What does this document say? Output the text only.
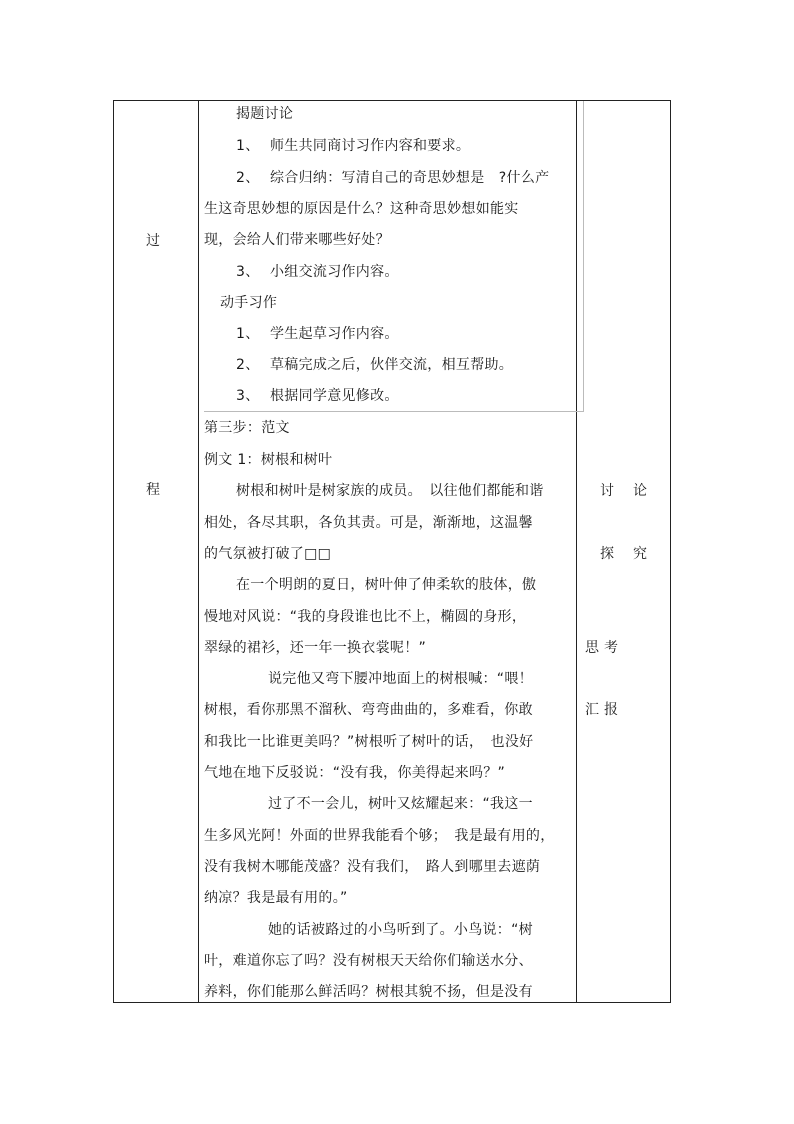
过
程
揭题讨论
1、 师生共同商讨习作内容和要求。
2、 综合归纳：写清自己的奇思妙想是　?什么产
生这奇思妙想的原因是什么？这种奇思妙想如能实
现，会给人们带来哪些好处？
3、 小组交流习作内容。
动手习作
1、 学生起草习作内容。
2、 草稿完成之后，伙伴交流，相互帮助。
3、 根据同学意见修改。
第三步：范文
例文 1：树根和树叶
树根和树叶是树家族的成员。　以往他们都能和谐
相处，各尽其职，各负其责。可是，渐渐地，这温馨
的气氛被打破了□□
在一个明朗的夏日，树叶伸了伸柔软的肢体，傲
慢地对风说：“我的身段谁也比不上，椭圆的身形，
翠绿的裙衫，还一年一换衣裳呢！”
说完他又弯下腰冲地面上的树根喊：“喂！
树根，看你那黑不溜秋、弯弯曲曲的，多难看，你敢
和我比一比谁更美吗？”树根听了树叶的话，　也没好
气地在地下反驳说：“没有我，你美得起来吗？”
过了不一会儿，树叶又炫耀起来：“我这一
生多风光阿！外面的世界我能看个够；　我是最有用的，
没有我树木哪能茂盛？没有我们，　路人到哪里去遮荫
纳凉？我是最有用的。”
她的话被路过的小鸟听到了。小鸟说：“树
叶，难道你忘了吗？没有树根天天给你们输送水分、
养料，你们能那么鲜活吗？树根其貌不扬，但是没有
讨 论
探 究
思 考
汇 报
